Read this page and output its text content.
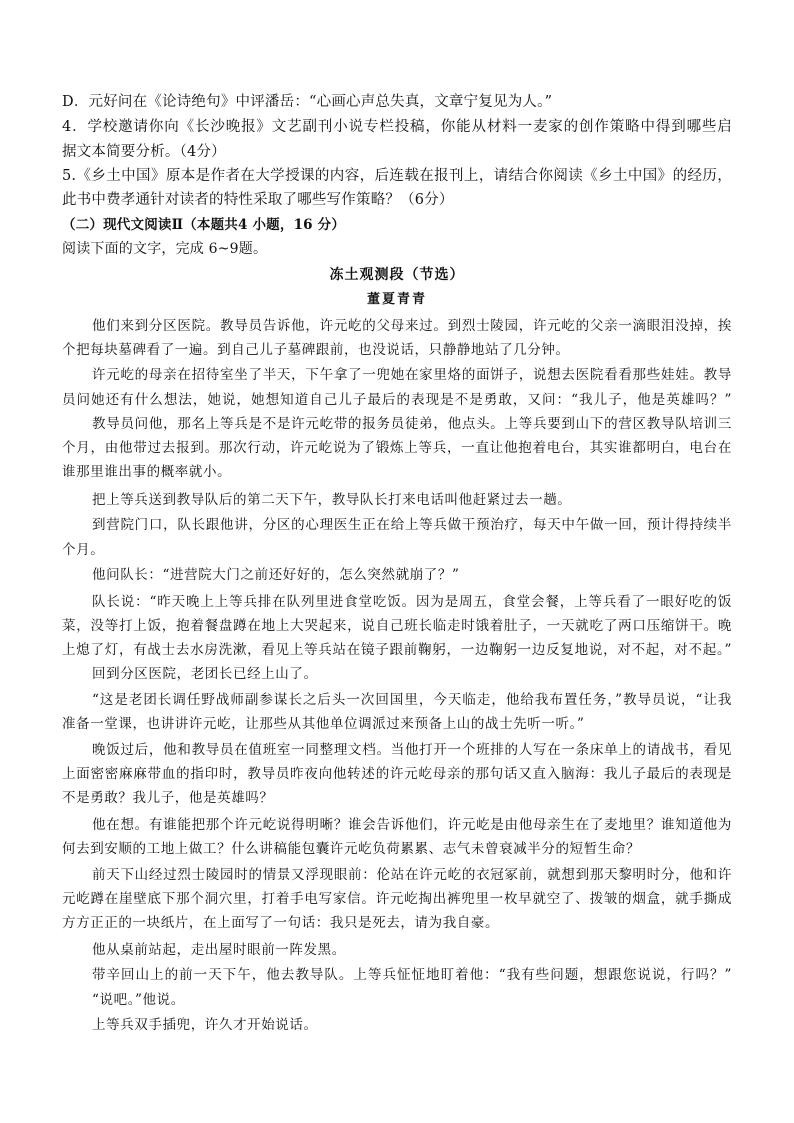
D．元好问在《论诗绝句》中评潘岳：“心画心声总失真，文章宁复见为人。”
4．学校邀请你向《长沙晚报》文艺副刊小说专栏投稿，你能从材料一麦家的创作策略中得到哪些启
据文本简要分析。（4分）
5.《乡土中国》原本是作者在大学授课的内容，后连载在报刊上，请结合你阅读《乡土中国》的经历，
此书中费孝通针对读者的特性采取了哪些写作策略？（6分）
（二）现代文阅读Ⅱ（本题共4 小题，16 分）
阅读下面的文字，完成 6~9题。
冻土观测段（节选）
董夏青青
他们来到分区医院。教导员告诉他，许元屹的父母来过。到烈士陵园，许元屹的父亲一滴眼泪没掉，挨
个把每块墓碑看了一遍。到自己儿子墓碑跟前，也没说话，只静静地站了几分钟。
许元屹的母亲在招待室坐了半天，下午拿了一兜她在家里烙的面饼子，说想去医院看看那些娃娃。教导
员问她还有什么想法，她说，她想知道自己儿子最后的表现是不是勇敢，又问：“我儿子，他是英雄吗？”
教导员问他，那名上等兵是不是许元屹带的报务员徒弟，他点头。上等兵要到山下的营区教导队培训三
个月，由他带过去报到。那次行动，许元屹说为了锻炼上等兵，一直让他抱着电台，其实谁都明白，电台在
谁那里谁出事的概率就小。
把上等兵送到教导队后的第二天下午，教导队长打来电话叫他赶紧过去一趟。
到营院门口，队长跟他讲，分区的心理医生正在给上等兵做干预治疗，每天中午做一回，预计得持续半
个月。
他问队长：“进营院大门之前还好好的，怎么突然就崩了？”
队长说：“昨天晚上上等兵排在队列里进食堂吃饭。因为是周五，食堂会餐，上等兵看了一眼好吃的饭
菜，没等打上饭，抱着餐盘蹲在地上大哭起来，说自己班长临走时饿着肚子，一天就吃了两口压缩饼干。晚
上熄了灯，有战士去水房洗漱，看见上等兵站在镜子跟前鞠躬，一边鞠躬一边反复地说，对不起，对不起。”
回到分区医院，老团长已经上山了。
“这是老团长调任野战师副参谋长之后头一次回国里，今天临走，他给我布置任务，”教导员说，“让我
准备一堂课，也讲讲许元屹，让那些从其他单位调派过来预备上山的战士先听一听。”
晚饭过后，他和教导员在值班室一同整理文档。当他打开一个班排的人写在一条床单上的请战书，看见
上面密密麻麻带血的指印时，教导员昨夜向他转述的许元屹母亲的那句话又直入脑海：我儿子最后的表现是
不是勇敢？我儿子，他是英雄吗？
他在想。有谁能把那个许元屹说得明晰？谁会告诉他们，许元屹是由他母亲生在了麦地里？谁知道他为
何去到安顺的工地上做工？什么讲稿能包囊许元屹负荷累累、志气未曾衰减半分的短暂生命？
前天下山经过烈士陵园时的情景又浮现眼前：伦站在许元屹的衣冠冢前，就想到那天黎明时分，他和许
元屹蹲在崖壁底下那个洞穴里，打着手电写家信。许元屹掏出裤兜里一枚早就空了、拨皱的烟盒，就手撕成
方方正正的一块纸片，在上面写了一句话：我只是死去，请为我自豪。
他从桌前站起，走出屋时眼前一阵发黑。
带辛回山上的前一天下午，他去教导队。上等兵怔怔地盯着他：“我有些问题，想跟您说说，行吗？”
“说吧。”他说。
上等兵双手插兜，许久才开始说话。
